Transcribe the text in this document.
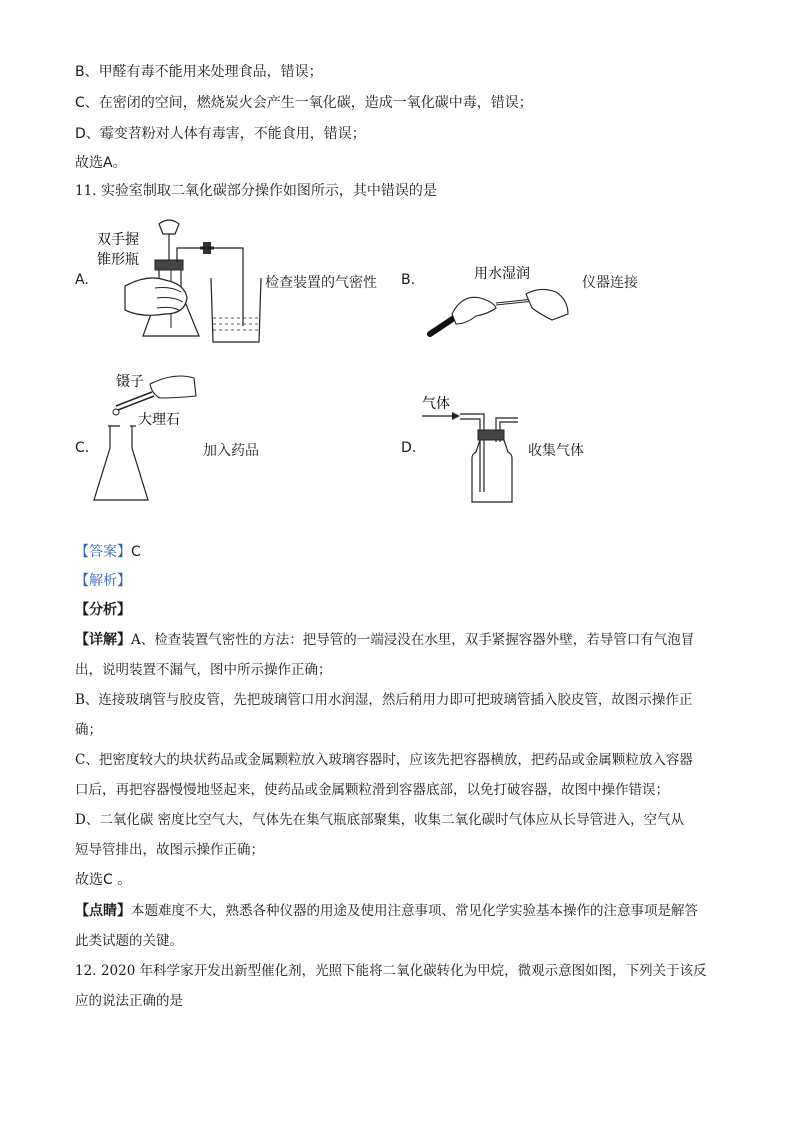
B、甲醛有毒不能用来处理食品，错误；
C、在密闭的空间，燃烧炭火会产生一氧化碳，造成一氧化碳中毒，错误；
D、霉变苕粉对人体有毒害，不能食用，错误；
故选A。
11. 实验室制取二氧化碳部分操作如图所示，其中错误的是
A.
双手握
锥形瓶
检查装置的气密性 B.	用水湿润
仪器连接
C.
镊子
大理石
加入药品	D.
气体
收集气体
【答案】C
【解析】
【分析】
【详解】A、检查装置气密性的方法：把导管的一端浸没在水里，双手紧握容器外壁，若导管口有气泡冒
出，说明装置不漏气，图中所示操作正确；
B、连接玻璃管与胶皮管，先把玻璃管口用水润湿，然后稍用力即可把玻璃管插入胶皮管，故图示操作正
确；
C、把密度较大的块状药品或金属颗粒放入玻璃容器时，应该先把容器横放，把药品或金属颗粒放入容器
口后，再把容器慢慢地竖起来，使药品或金属颗粒滑到容器底部，以免打破容器，故图中操作错误；
D、二氧化碳 密度比空气大，气体先在集气瓶底部聚集，收集二氧化碳时气体应从长导管进入，空气从
短导管排出，故图示操作正确；
故选C 。
【点睛】本题难度不大，熟悉各种仪器的用途及使用注意事项、常见化学实验基本操作的注意事项是解答
此类试题的关键。
12. 2020 年科学家开发出新型催化剂，光照下能将二氧化碳转化为甲烷，微观示意图如图，下列关于该反
应的说法正确的是
